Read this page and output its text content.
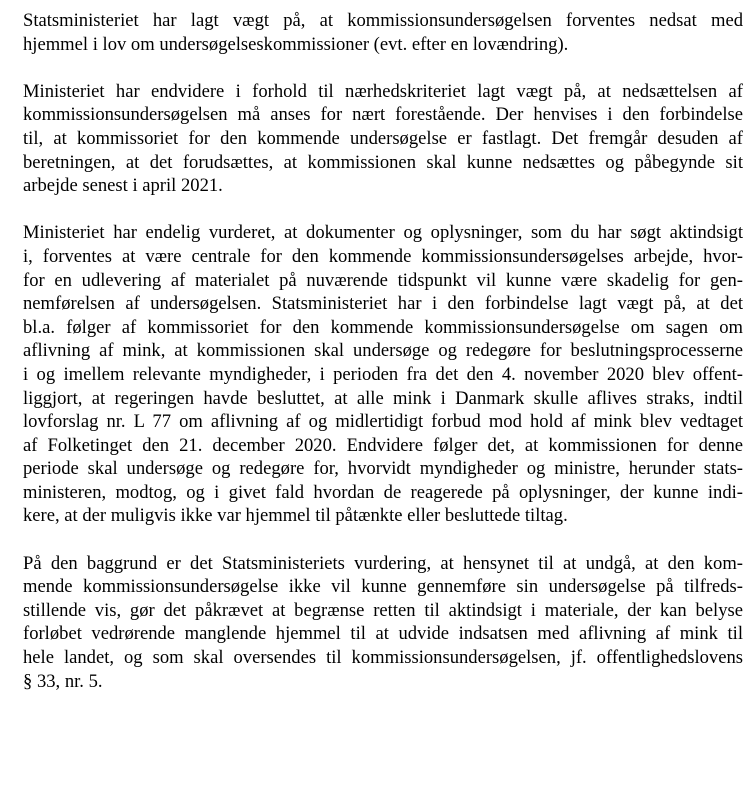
Statsministeriet har lagt vægt på, at kommissionsundersøgelsen forventes nedsat med
hjemmel i lov om undersøgelseskommissioner (evt. efter en lovændring).
Ministeriet har endvidere i forhold til nærhedskriteriet lagt vægt på, at nedsættelsen af
kommissionsundersøgelsen må anses for nært forestående. Der henvises i den forbindelse
til, at kommissoriet for den kommende undersøgelse er fastlagt. Det fremgår desuden af
beretningen, at det forudsættes, at kommissionen skal kunne nedsættes og påbegynde sit
arbejde senest i april 2021.
Ministeriet har endelig vurderet, at dokumenter og oplysninger, som du har søgt aktindsigt
i, forventes at være centrale for den kommende kommissionsundersøgelses arbejde, hvor-
for en udlevering af materialet på nuværende tidspunkt vil kunne være skadelig for gen-
nemførelsen af undersøgelsen. Statsministeriet har i den forbindelse lagt vægt på, at det
bl.a. følger af kommissoriet for den kommende kommissionsundersøgelse om sagen om
aflivning af mink, at kommissionen skal undersøge og redegøre for beslutningsprocesserne
i og imellem relevante myndigheder, i perioden fra det den 4. november 2020 blev offent-
liggjort, at regeringen havde besluttet, at alle mink i Danmark skulle aflives straks, indtil
lovforslag nr. L 77 om aflivning af og midlertidigt forbud mod hold af mink blev vedtaget
af Folketinget den 21. december 2020. Endvidere følger det, at kommissionen for denne
periode skal undersøge og redegøre for, hvorvidt myndigheder og ministre, herunder stats-
ministeren, modtog, og i givet fald hvordan de reagerede på oplysninger, der kunne indi-
kere, at der muligvis ikke var hjemmel til påtænkte eller besluttede tiltag.
På den baggrund er det Statsministeriets vurdering, at hensynet til at undgå, at den kom-
mende kommissionsundersøgelse ikke vil kunne gennemføre sin undersøgelse på tilfreds-
stillende vis, gør det påkrævet at begrænse retten til aktindsigt i materiale, der kan belyse
forløbet vedrørende manglende hjemmel til at udvide indsatsen med aflivning af mink til
hele landet, og som skal oversendes til kommissionsundersøgelsen, jf. offentlighedslovens
§ 33, nr. 5.
